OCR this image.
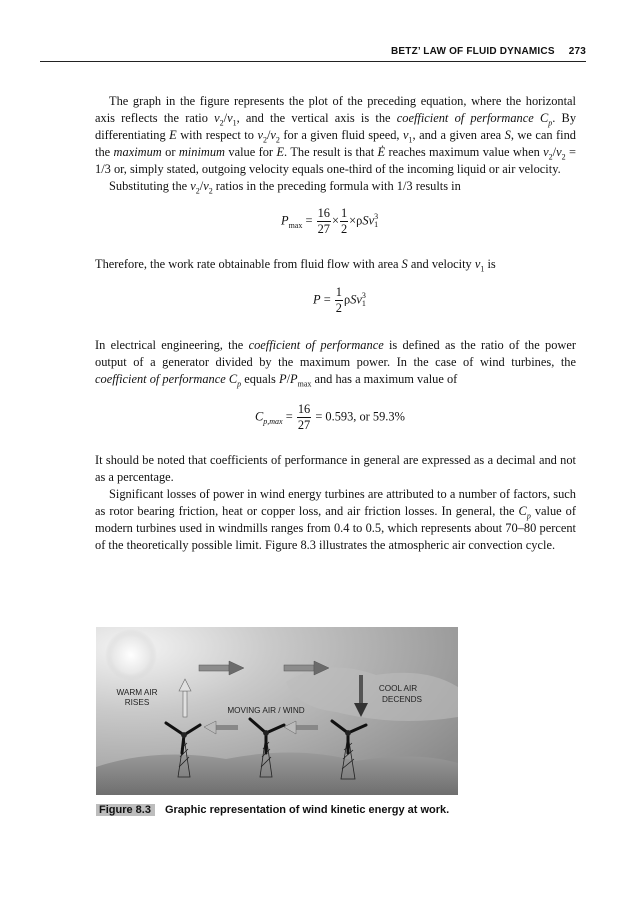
BETZ’ LAW OF FLUID DYNAMICS 273

The graph in the figure represents the plot of the preceding equation, where the horizontal axis reflects the ratio $v_2/v_1$, and the vertical axis is the coefficient of performance $C_p$. By differentiating E with respect to $v_2/v_2$ for a given fluid speed, $v_1$, and a given area S, we can find the maximum or minimum value for E. The result is that Ė reaches maximum value when $v_2/v_2 = 1/3$ or, simply stated, outgoing velocity equals one-third of the incoming liquid or air velocity.

Substituting the $v_2/v_2$ ratios in the preceding formula with 1/3 results in

$P_{max} = \frac{16}{27} \times \frac{1}{2} \times\rho Sv^3_1$

Therefore, the work rate obtainable from fluid flow with area S and velocity $v_1$ is

$P = \frac{1}{2} \rho Sv^3_1$

In electrical engineering, the coefficient of performance is defined as the ratio of the power output of a generator divided by the maximum power. In the case of wind turbines, the coefficient of performance $C_p$ equals $P/P_{max}$ and has a maximum value of

$C_{p,max} = \frac{16}{27} = 0.593$, or 59.3%

It should be noted that coefficients of performance in general are expressed as a decimal and not as a percentage.

Significant losses of power in wind energy turbines are attributed to a number of factors, such as rotor bearing friction, heat or copper loss, and air friction losses. In general, the $C_p$ value of modern turbines used in windmills ranges from 0.4 to 0.5, which represents about 70–80 percent of the theoretically possible limit. Figure 8.3 illustrates the atmospheric air convection cycle.

WARM AIR
RISES
MOVING AIR / WIND
COOL AIR
DECENDS
Figure 8.3 Graphic representation of wind kinetic energy at work.
